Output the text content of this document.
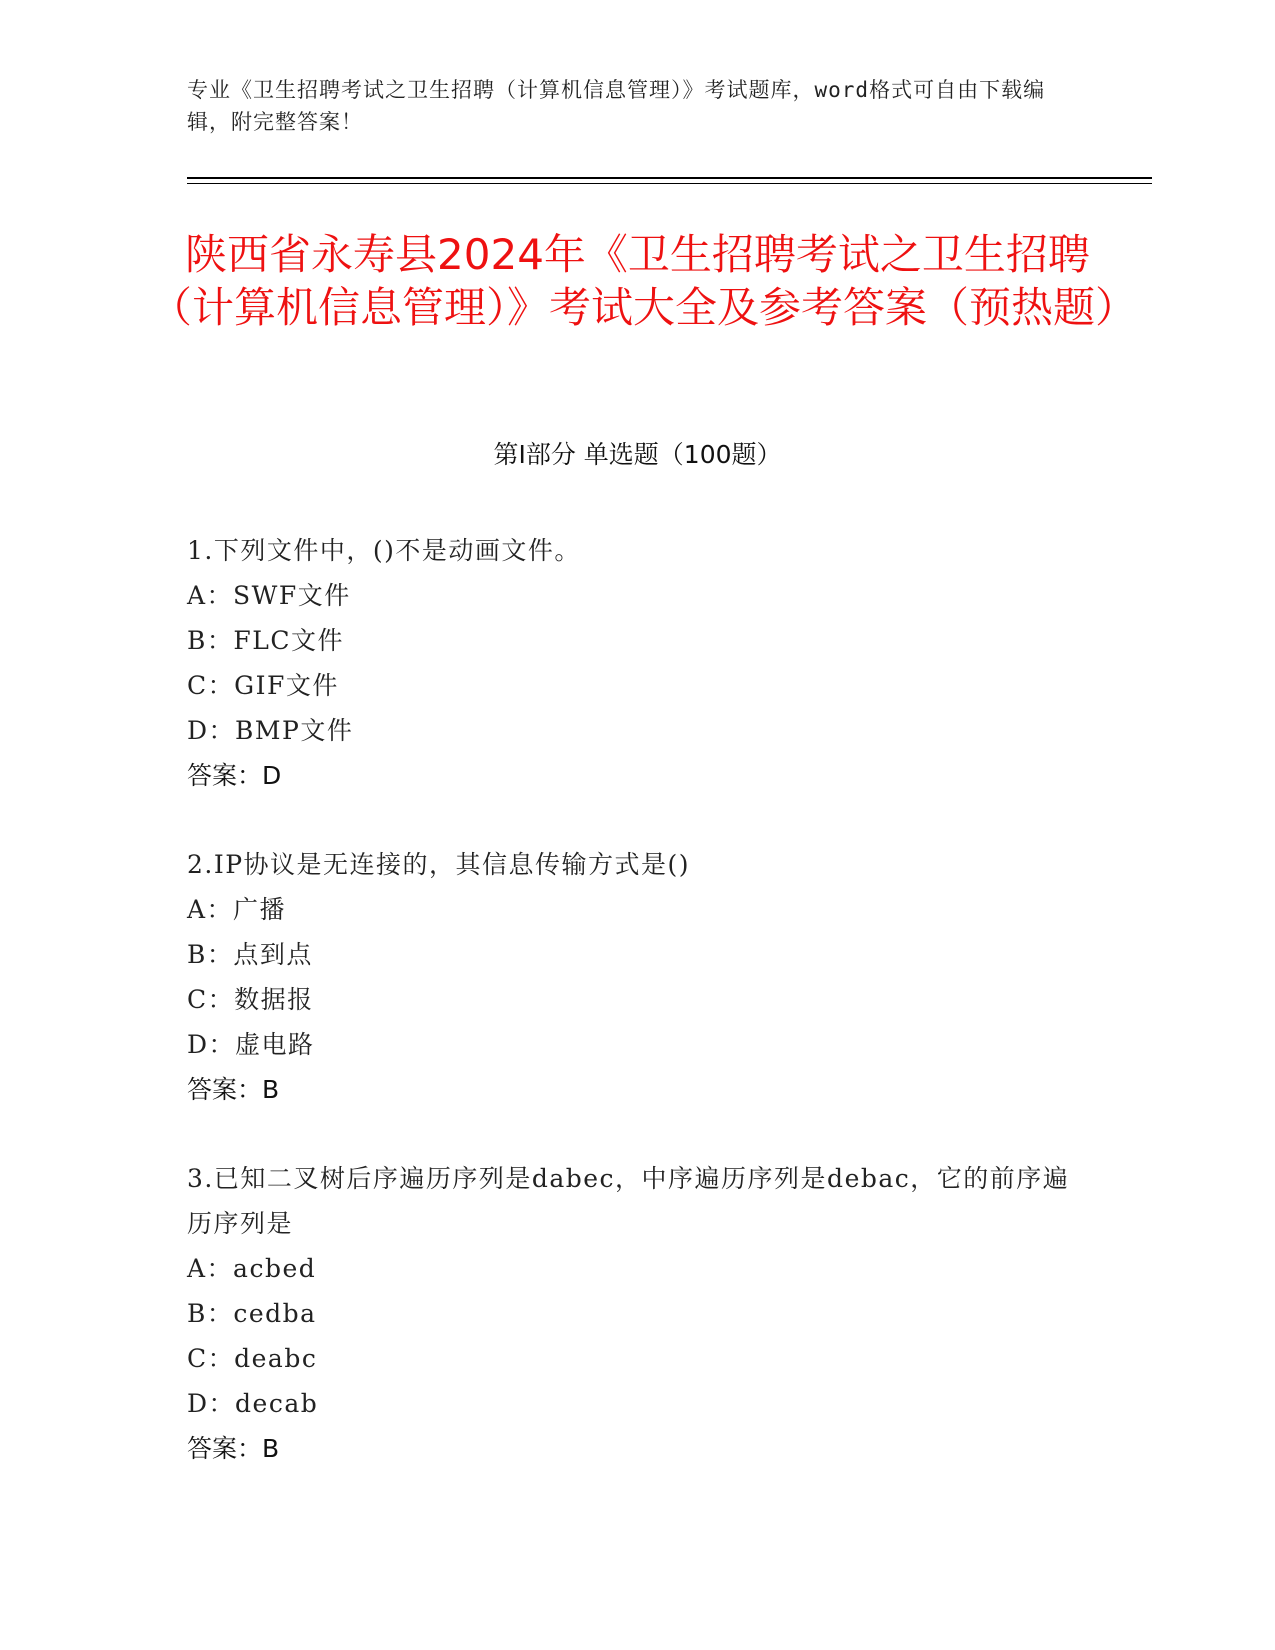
专业《卫生招聘考试之卫生招聘（计算机信息管理）》考试题库，word格式可自由下载编辑，附完整答案！
陕西省永寿县2024年《卫生招聘考试之卫生招聘（计算机信息管理）》考试大全及参考答案（预热题）
第I部分 单选题（100题）
1.下列文件中，()不是动画文件。
A：SWF文件
B：FLC文件
C：GIF文件
D：BMP文件
答案：D
2.IP协议是无连接的，其信息传输方式是()
A：广播
B：点到点
C：数据报
D：虚电路
答案：B
3.已知二叉树后序遍历序列是dabec，中序遍历序列是debac，它的前序遍历序列是
A：acbed
B：cedba
C：deabc
D：decab
答案：B
